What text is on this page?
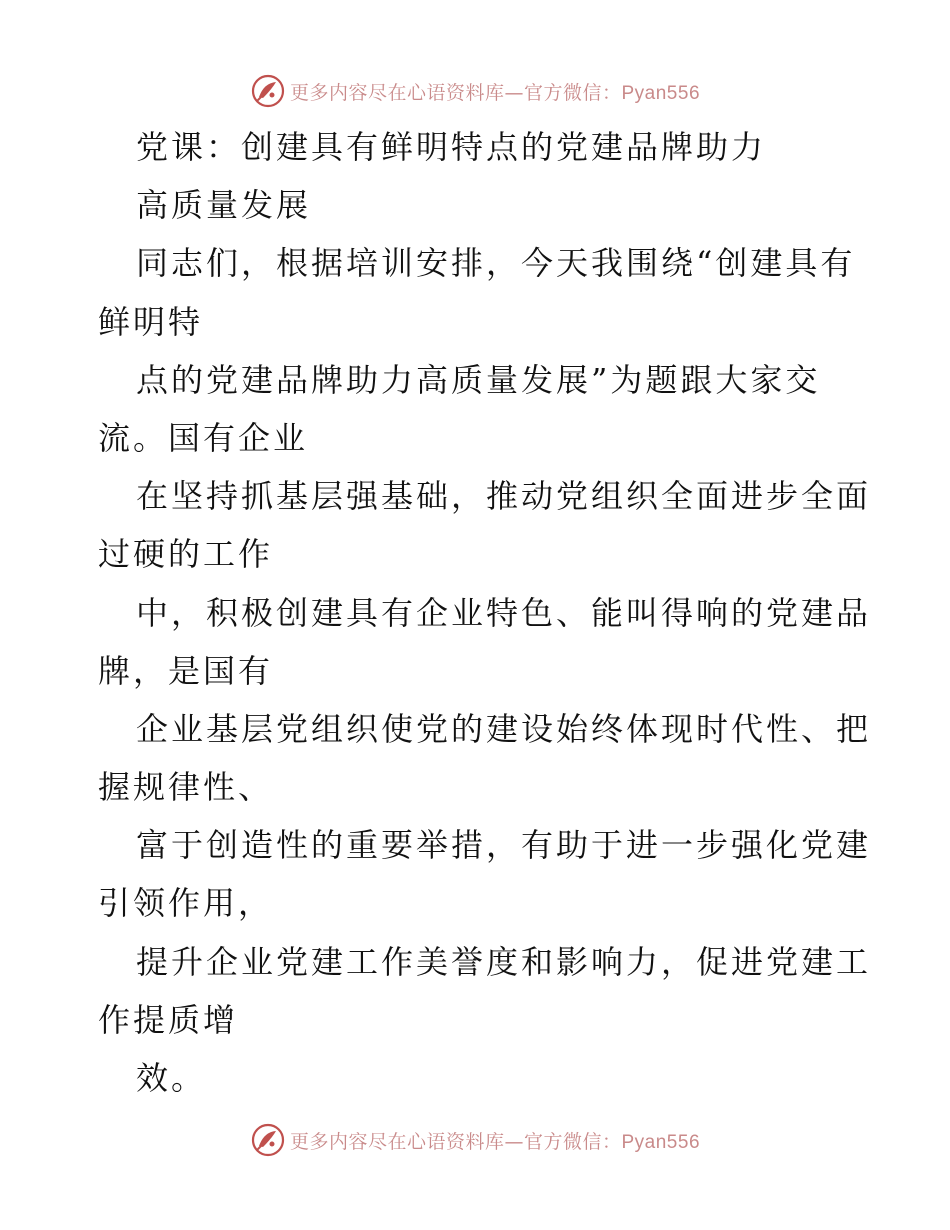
更多内容尽在心语资料库—官方微信：Pyan556
党课：创建具有鲜明特点的党建品牌助力
高质量发展
同志们，根据培训安排，今天我围绕“创建具有
鲜明特
点的党建品牌助力高质量发展”为题跟大家交
流。国有企业
在坚持抓基层强基础，推动党组织全面进步全面
过硬的工作
中，积极创建具有企业特色、能叫得响的党建品
牌，是国有
企业基层党组织使党的建设始终体现时代性、把
握规律性、
富于创造性的重要举措，有助于进一步强化党建
引领作用，
提升企业党建工作美誉度和影响力，促进党建工
作提质增
效。
更多内容尽在心语资料库—官方微信：Pyan556
